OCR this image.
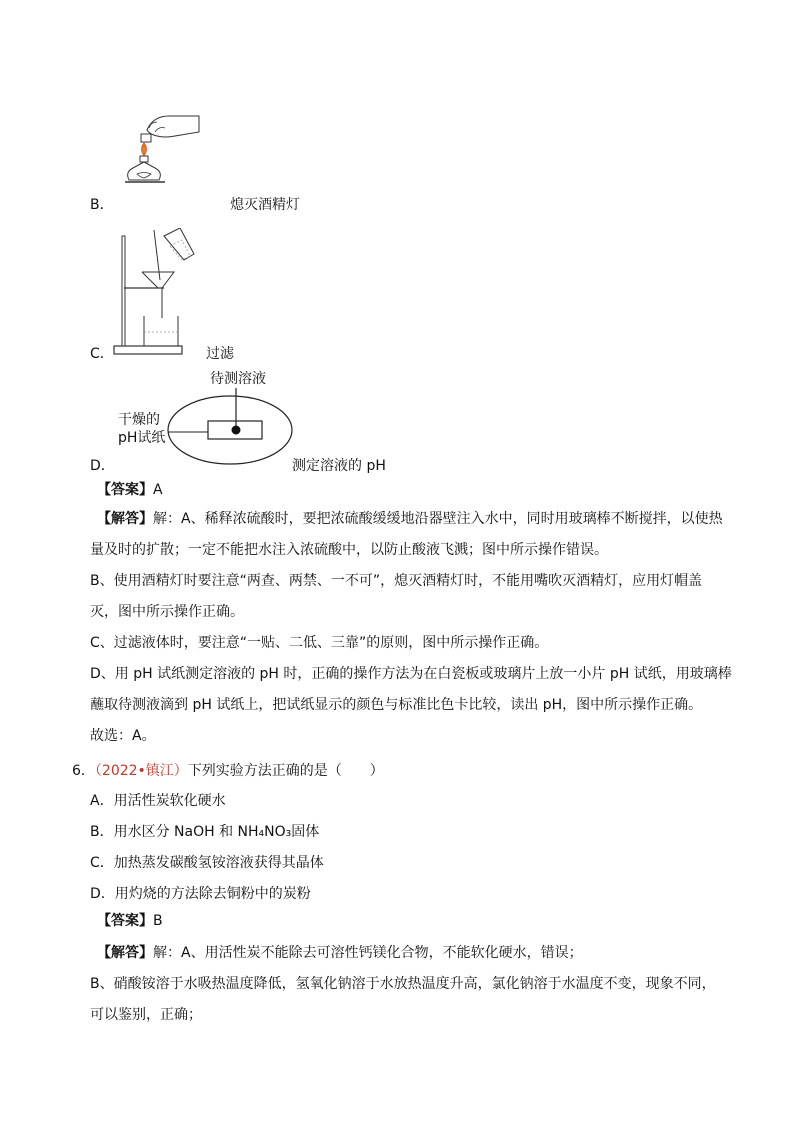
B．	熄灭酒精灯
C．	过滤
待测溶液
干燥的
pH试纸
D．	测定溶液的 pH
【答案】A
【解答】解：A、稀释浓硫酸时，要把浓硫酸缓缓地沿器壁注入水中，同时用玻璃棒不断搅拌，以使热
量及时的扩散；一定不能把水注入浓硫酸中，以防止酸液飞溅；图中所示操作错误。
B、使用酒精灯时要注意“两查、两禁、一不可”，熄灭酒精灯时，不能用嘴吹灭酒精灯，应用灯帽盖
灭，图中所示操作正确。
C、过滤液体时，要注意“一贴、二低、三靠”的原则，图中所示操作正确。
D、用 pH 试纸测定溶液的 pH 时，正确的操作方法为在白瓷板或玻璃片上放一小片 pH 试纸，用玻璃棒
蘸取待测液滴到 pH 试纸上，把试纸显示的颜色与标准比色卡比较，读出 pH，图中所示操作正确。
故选：A。
6．（2022•镇江）下列实验方法正确的是（　　）
A．用活性炭软化硬水
B．用水区分 NaOH 和 NH₄NO₃固体
C．加热蒸发碳酸氢铵溶液获得其晶体
D．用灼烧的方法除去铜粉中的炭粉
【答案】B
【解答】解：A、用活性炭不能除去可溶性钙镁化合物，不能软化硬水，错误；
B、硝酸铵溶于水吸热温度降低，氢氧化钠溶于水放热温度升高，氯化钠溶于水温度不变，现象不同，
可以鉴别，正确；
